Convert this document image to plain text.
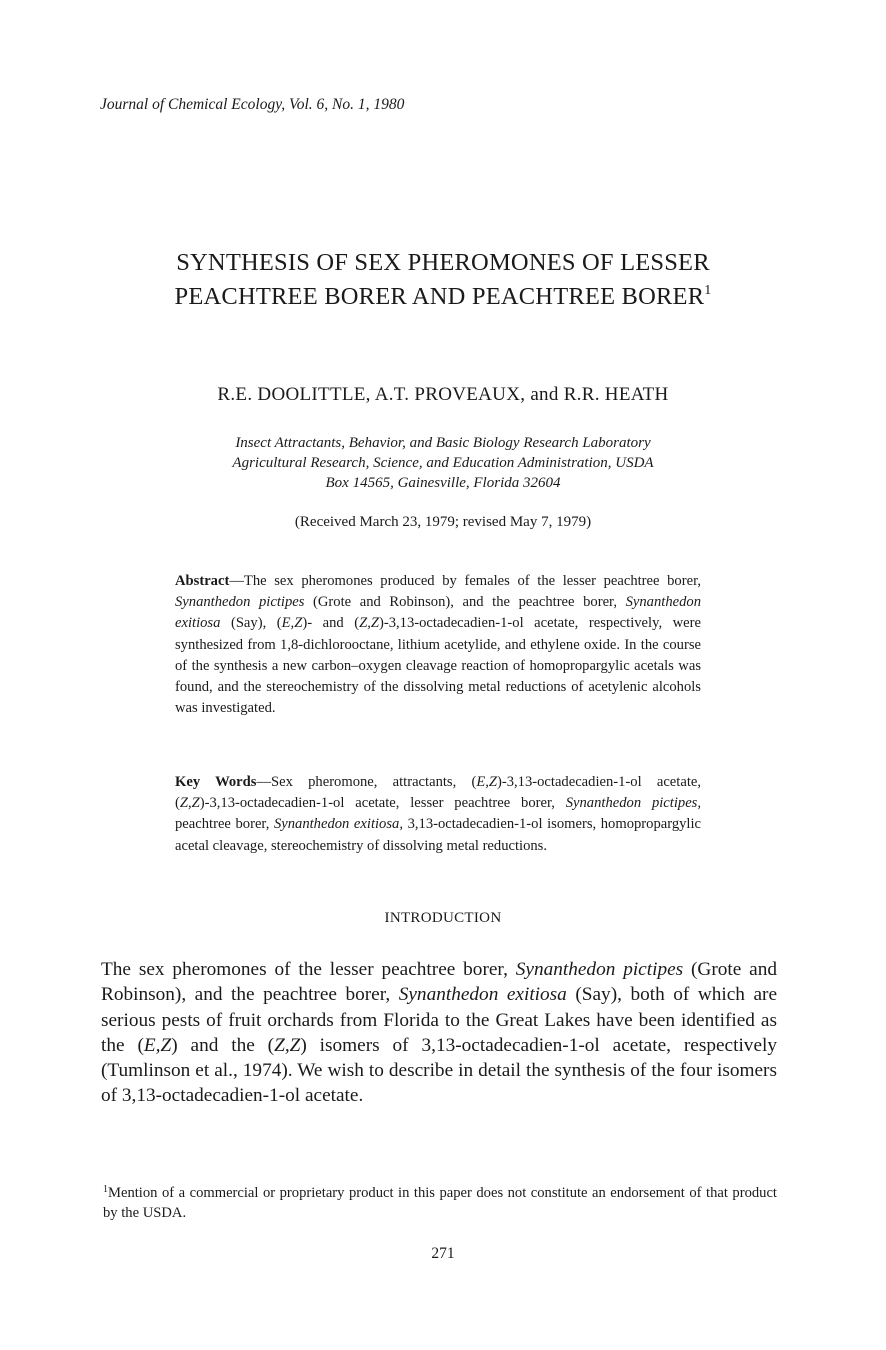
Journal of Chemical Ecology, Vol. 6, No. 1, 1980
SYNTHESIS OF SEX PHEROMONES OF LESSER
PEACHTREE BORER AND PEACHTREE BORER$^1$
R.E. DOOLITTLE, A.T. PROVEAUX, and R.R. HEATH
Insect Attractants, Behavior, and Basic Biology Research Laboratory
Agricultural Research, Science, and Education Administration, USDA
Box 14565, Gainesville, Florida 32604
(Received March 23, 1979; revised May 7, 1979)
Abstract—The sex pheromones produced by females of the lesser peachtree borer, Synanthedon pictipes (Grote and Robinson), and the peachtree borer, Synanthedon exitiosa (Say), (E,Z)- and (Z,Z)-3,13-octadecadien-1-ol acetate, respectively, were synthesized from 1,8-dichlorooctane, lithium acetylide, and ethylene oxide. In the course of the synthesis a new carbon–oxygen cleavage reaction of homopropargylic acetals was found, and the stereochemistry of the dissolving metal reductions of acetylenic alcohols was investigated.
Key Words—Sex pheromone, attractants, (E,Z)-3,13-octadecadien-1-ol acetate, (Z,Z)-3,13-octadecadien-1-ol acetate, lesser peachtree borer, Synanthedon pictipes, peachtree borer, Synanthedon exitiosa, 3,13-octadecadien-1-ol isomers, homopropargylic acetal cleavage, stereochemistry of dissolving metal reductions.
INTRODUCTION
The sex pheromones of the lesser peachtree borer, Synanthedon pictipes (Grote and Robinson), and the peachtree borer, Synanthedon exitiosa (Say), both of which are serious pests of fruit orchards from Florida to the Great Lakes have been identified as the (E,Z) and the (Z,Z) isomers of 3,13-octadecadien-1-ol acetate, respectively (Tumlinson et al., 1974). We wish to describe in detail the synthesis of the four isomers of 3,13-octadecadien-1-ol acetate.
$^1$Mention of a commercial or proprietary product in this paper does not constitute an endorsement of that product by the USDA.
271
